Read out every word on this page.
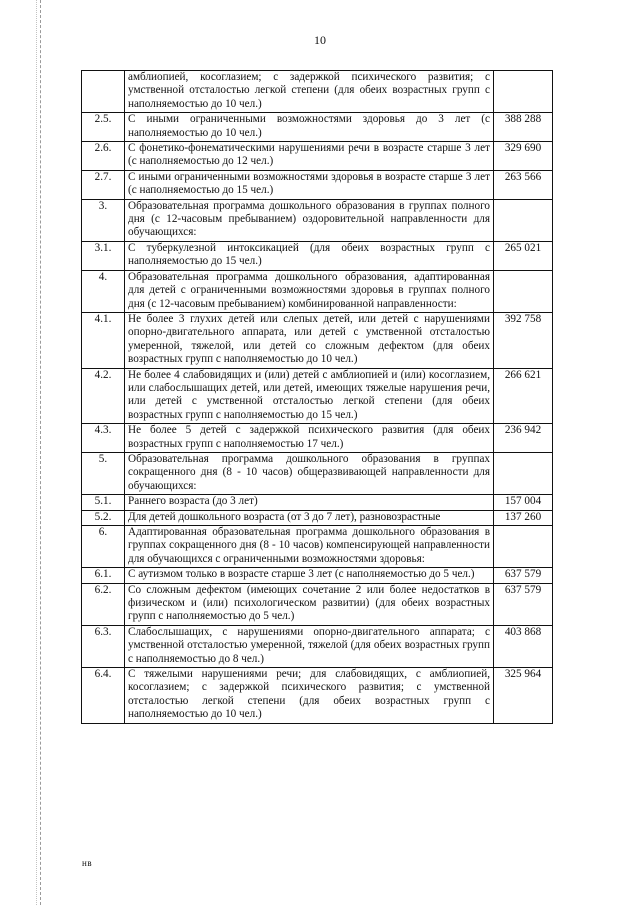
10
	амблиопией, косоглазием; с задержкой психического развития; с умственной отсталостью легкой степени (для обеих возрастных групп с наполняемостью до 10 чел.)	
2.5.	С иными ограниченными возможностями здоровья до 3 лет (с наполняемостью до 10 чел.)	388 288
2.6.	С фонетико-фонематическими нарушениями речи в возрасте старше 3 лет (с наполняемостью до 12 чел.)	329 690
2.7.	С иными ограниченными возможностями здоровья в возрасте старше 3 лет (с наполняемостью до 15 чел.)	263 566
3.	Образовательная программа дошкольного образования в группах полного дня (с 12-часовым пребыванием) оздоровительной направленности для обучающихся:	
3.1.	С туберкулезной интоксикацией (для обеих возрастных групп с наполняемостью до 15 чел.)	265 021
4.	Образовательная программа дошкольного образования, адаптированная для детей с ограниченными возможностями здоровья в группах полного дня (с 12-часовым пребыванием) комбинированной направленности:	
4.1.	Не более 3 глухих детей или слепых детей, или детей с нарушениями опорно-двигательного аппарата, или детей с умственной отсталостью умеренной, тяжелой, или детей со сложным дефектом (для обеих возрастных групп с наполняемостью до 10 чел.)	392 758
4.2.	Не более 4 слабовидящих и (или) детей с амблиопией и (или) косоглазием, или слабослышащих детей, или детей, имеющих тяжелые нарушения речи, или детей с умственной отсталостью легкой степени (для обеих возрастных групп с наполняемостью до 15 чел.)	266 621
4.3.	Не более 5 детей с задержкой психического развития (для обеих возрастных групп с наполняемостью 17 чел.)	236 942
5.	Образовательная программа дошкольного образования в группах сокращенного дня (8 - 10 часов) общеразвивающей направленности для обучающихся:	
5.1.	Раннего возраста (до 3 лет)	157 004
5.2.	Для детей дошкольного возраста (от 3 до 7 лет), разновозрастные	137 260
6.	Адаптированная образовательная программа дошкольного образования в группах сокращенного дня (8 - 10 часов) компенсирующей направленности для обучающихся с ограниченными возможностями здоровья:	
6.1.	С аутизмом только в возрасте старше 3 лет (с наполняемостью до 5 чел.)	637 579
6.2.	Со сложным дефектом (имеющих сочетание 2 или более недостатков в физическом и (или) психологическом развитии) (для обеих возрастных групп с наполняемостью до 5 чел.)	637 579
6.3.	Слабослышащих, с нарушениями опорно-двигательного аппарата; с умственной отсталостью умеренной, тяжелой (для обеих возрастных групп с наполняемостью до 8 чел.)	403 868
6.4.	С тяжелыми нарушениями речи; для слабовидящих, с амблиопией, косоглазием; с задержкой психического развития; с умственной отсталостью легкой степени (для обеих возрастных групп с наполняемостью до 10 чел.)	325 964
нв
